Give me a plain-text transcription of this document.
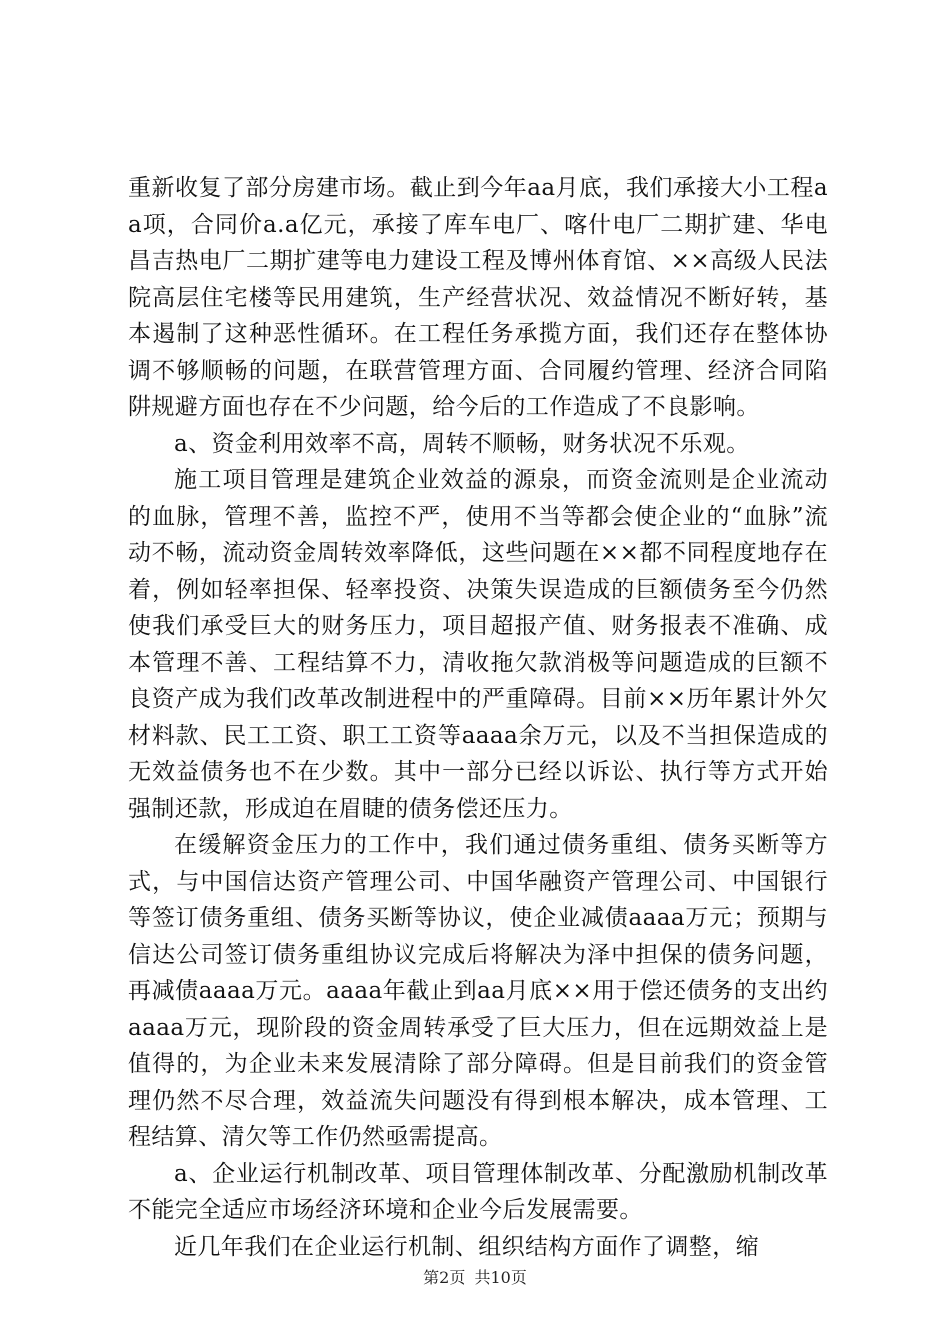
重新收复了部分房建市场。截止到今年aa月底，我们承接大小工程aa项，合同价a.a亿元，承接了库车电厂、喀什电厂二期扩建、华电昌吉热电厂二期扩建等电力建设工程及博州体育馆、××高级人民法院高层住宅楼等民用建筑，生产经营状况、效益情况不断好转，基本遏制了这种恶性循环。在工程任务承揽方面，我们还存在整体协调不够顺畅的问题，在联营管理方面、合同履约管理、经济合同陷阱规避方面也存在不少问题，给今后的工作造成了不良影响。

a、资金利用效率不高，周转不顺畅，财务状况不乐观。

施工项目管理是建筑企业效益的源泉，而资金流则是企业流动的血脉，管理不善，监控不严，使用不当等都会使企业的“血脉”流动不畅，流动资金周转效率降低，这些问题在××都不同程度地存在着，例如轻率担保、轻率投资、决策失误造成的巨额债务至今仍然使我们承受巨大的财务压力，项目超报产值、财务报表不准确、成本管理不善、工程结算不力，清收拖欠款消极等问题造成的巨额不良资产成为我们改革改制进程中的严重障碍。目前××历年累计外欠材料款、民工工资、职工工资等aaaa余万元，以及不当担保造成的无效益债务也不在少数。其中一部分已经以诉讼、执行等方式开始强制还款，形成迫在眉睫的债务偿还压力。

在缓解资金压力的工作中，我们通过债务重组、债务买断等方式，与中国信达资产管理公司、中国华融资产管理公司、中国银行等签订债务重组、债务买断等协议，使企业减债aaaa万元；预期与信达公司签订债务重组协议完成后将解决为泽中担保的债务问题，再减债aaaa万元。aaaa年截止到aa月底××用于偿还债务的支出约aaaa万元，现阶段的资金周转承受了巨大压力，但在远期效益上是值得的，为企业未来发展清除了部分障碍。但是目前我们的资金管理仍然不尽合理，效益流失问题没有得到根本解决，成本管理、工程结算、清欠等工作仍然亟需提高。

a、企业运行机制改革、项目管理体制改革、分配激励机制改革不能完全适应市场经济环境和企业今后发展需要。

近几年我们在企业运行机制、组织结构方面作了调整，缩

第2页 共10页
